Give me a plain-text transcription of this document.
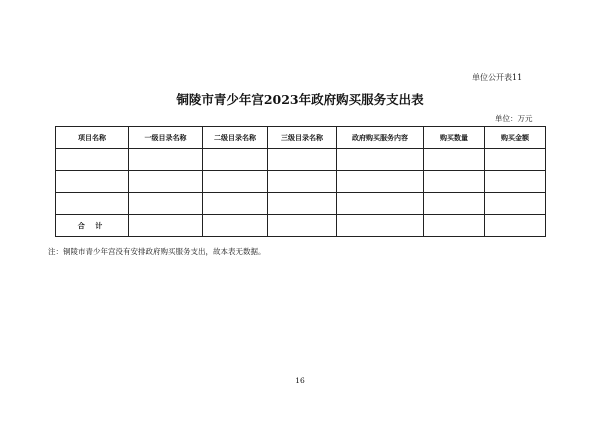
单位公开表11
铜陵市青少年宫2023年政府购买服务支出表
单位：万元
项目名称	一级目录名称	二级目录名称	三级目录名称	政府购买服务内容	购买数量	购买金额

合 计						
注：铜陵市青少年宫没有安排政府购买服务支出，故本表无数据。
16
